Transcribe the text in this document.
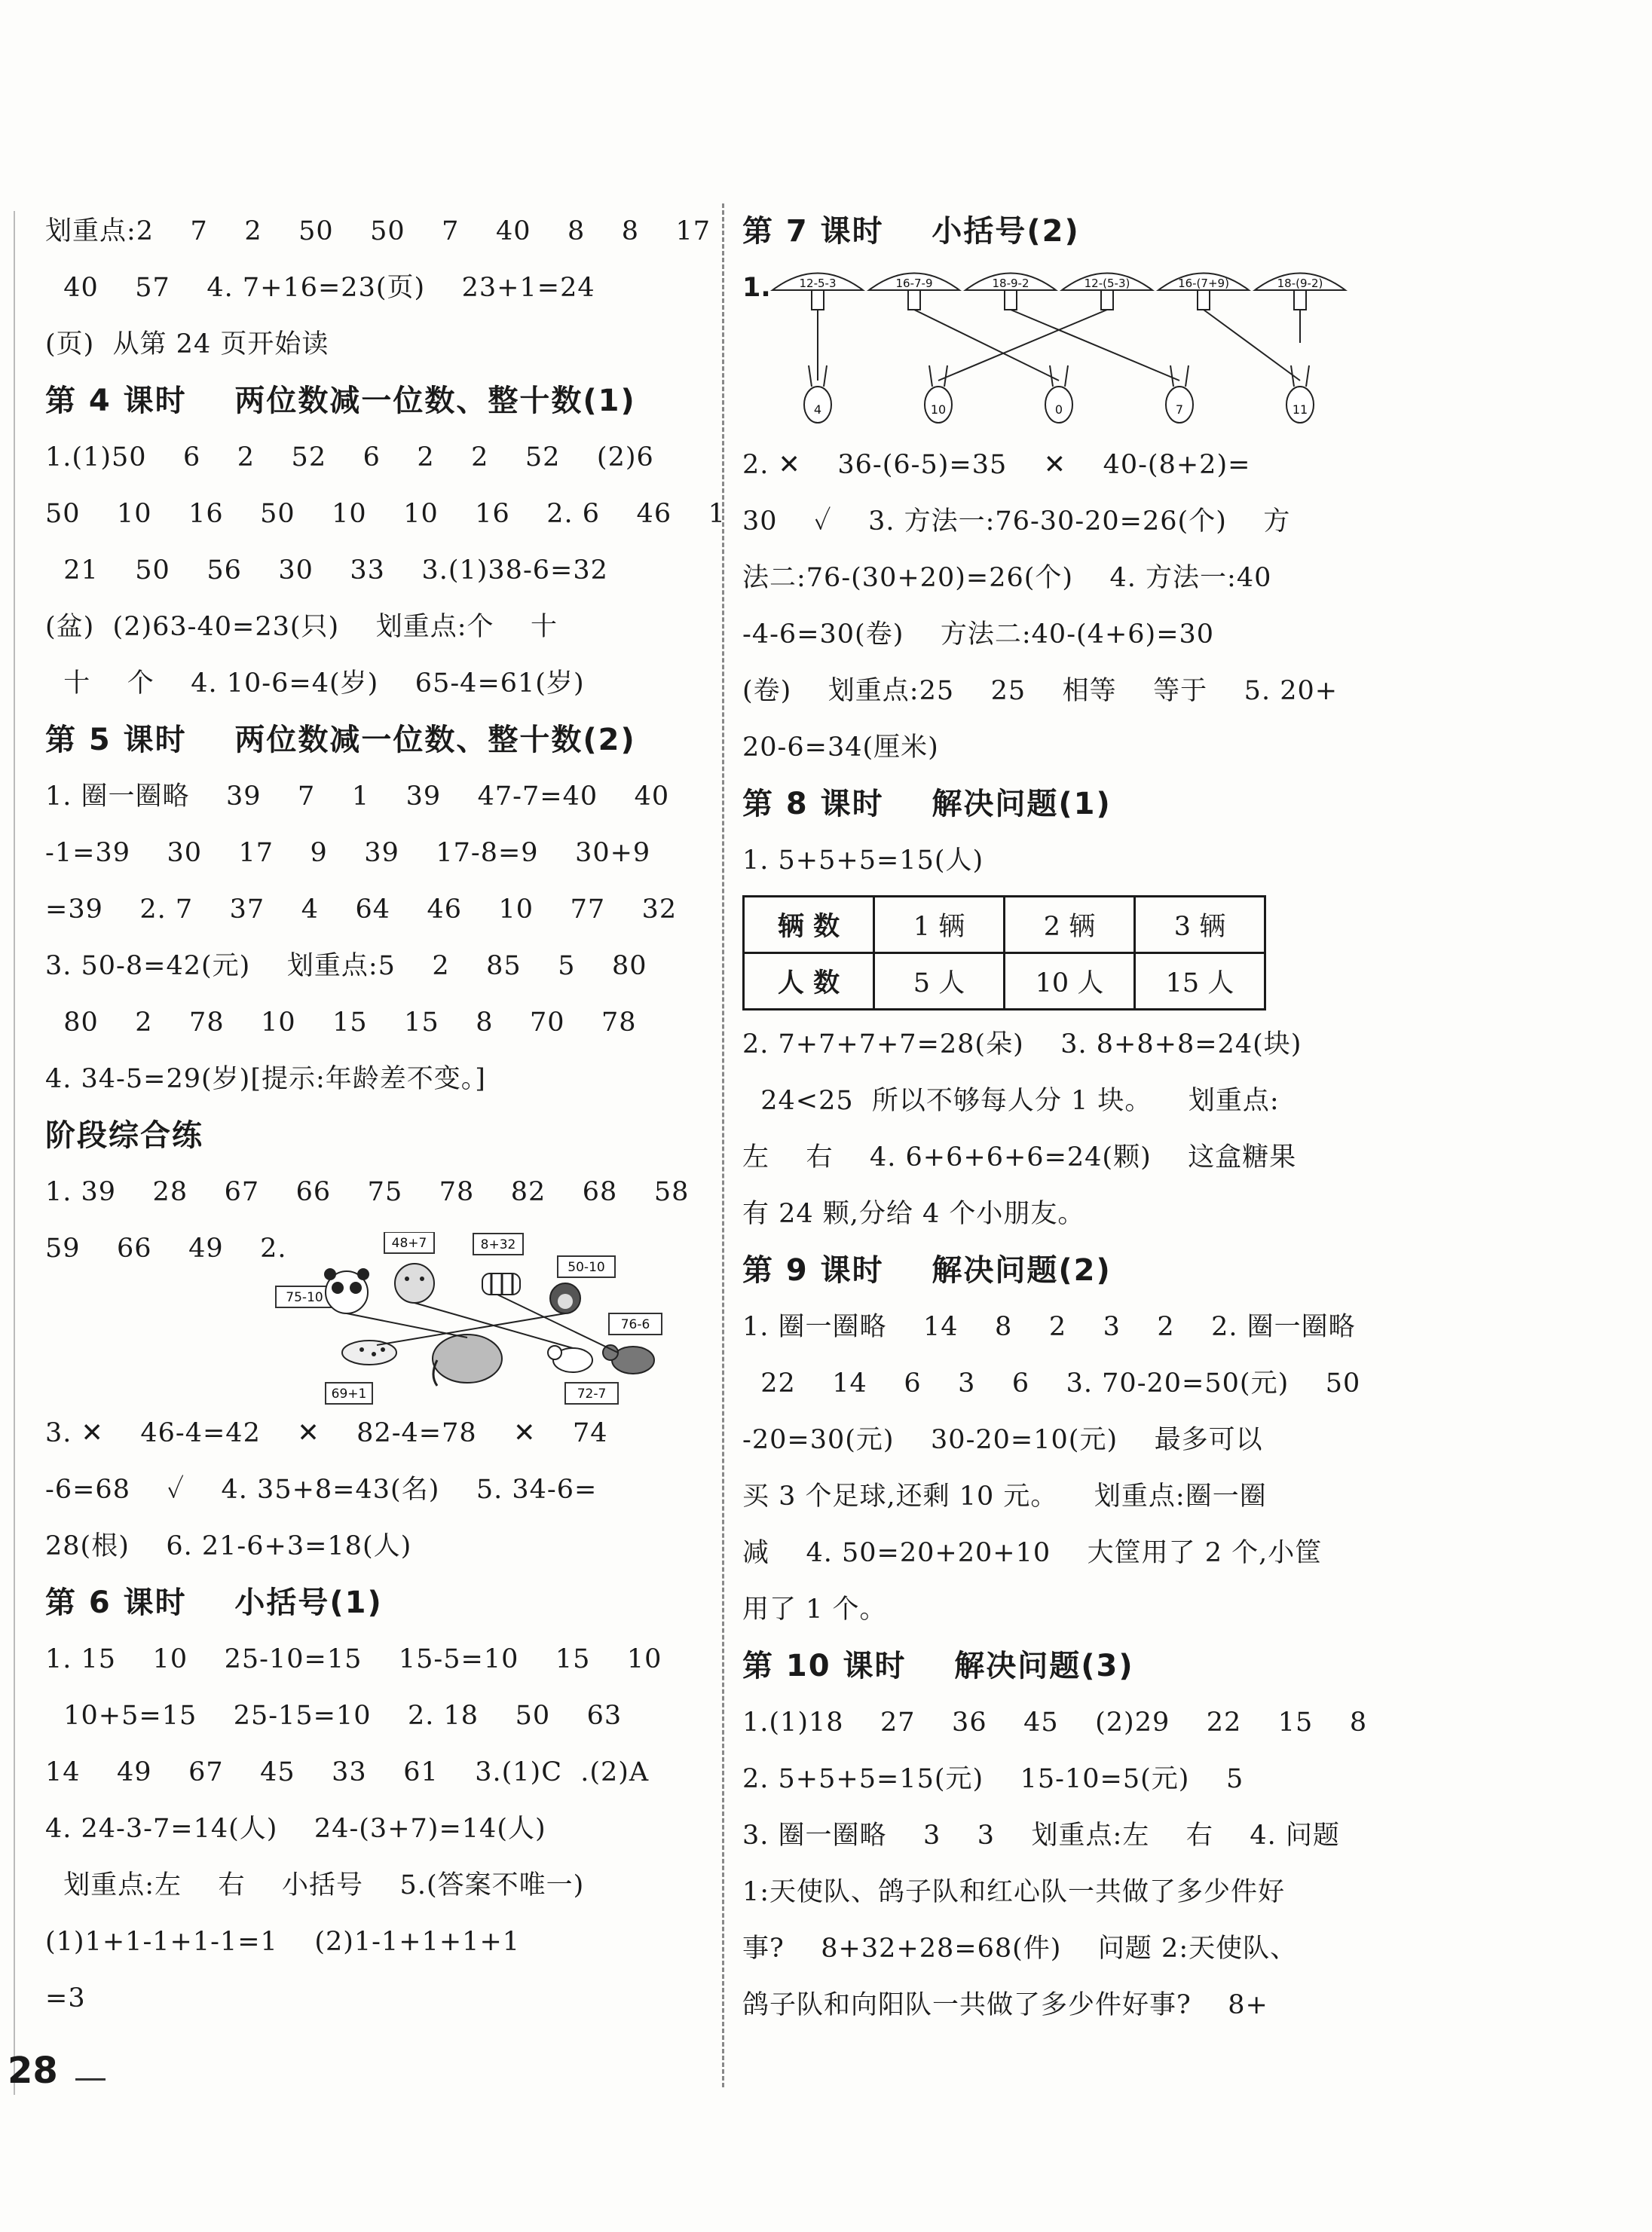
划重点:2    7    2    50    50    7    40    8    8    17
40    57    4. 7+16=23(页)    23+1=24
(页)  从第 24 页开始读
第 4 课时    两位数减一位数、整十数(1)
1.(1)50    6    2    52    6    2    2    52    (2)6
50    10    16    50    10    10    16    2. 6    46    1
21    50    56    30    33    3.(1)38-6=32
(盆)  (2)63-40=23(只)    划重点:个    十
十    个    4. 10-6=4(岁)    65-4=61(岁)
第 5 课时    两位数减一位数、整十数(2)
1. 圈一圈略    39    7    1    39    47-7=40    40
-1=39    30    17    9    39    17-8=9    30+9
=39    2. 7    37    4    64    46    10    77    32
3. 50-8=42(元)    划重点:5    2    85    5    80
80    2    78    10    15    15    8    70    78
4. 34-5=29(岁)[提示:年龄差不变。]
阶段综合练
1. 39    28    67    66    75    78    82    68    58
59    66    49    2.	48+7	8+32
50-10
75-10
76-6
69+1	72-7
3. ✕    46-4=42    ✕    82-4=78    ✕    74
-6=68    ✓    4. 35+8=43(名)    5. 34-6=
28(根)    6. 21-6+3=18(人)
第 6 课时    小括号(1)
1. 15    10    25-10=15    15-5=10    15    10
10+5=15    25-15=10    2. 18    50    63
14    49    67    45    33    61    3.(1)C  .(2)A
4. 24-3-7=14(人)    24-(3+7)=14(人)
划重点:左    右    小括号    5.(答案不唯一)
(1)1+1-1+1-1=1    (2)1-1+1+1+1
=3
第 7 课时    小括号(2)
1.	12-5-3	16-7-9	18-9-2	12-(5-3)	16-(7+9)	18-(9-2)
4	10	0	7	11
2. ✕    36-(6-5)=35    ✕    40-(8+2)=
30    ✓    3. 方法一:76-30-20=26(个)    方
法二:76-(30+20)=26(个)    4. 方法一:40
-4-6=30(卷)    方法二:40-(4+6)=30
(卷)    划重点:25    25    相等    等于    5. 20+
20-6=34(厘米)
第 8 课时    解决问题(1)
1. 5+5+5=15(人)
辆 数	1 辆	2 辆	3 辆
人 数	5 人	10 人	15 人
2. 7+7+7+7=28(朵)    3. 8+8+8=24(块)
24<25  所以不够每人分 1 块。    划重点:
左    右    4. 6+6+6+6=24(颗)    这盒糖果
有 24 颗,分给 4 个小朋友。
第 9 课时    解决问题(2)
1. 圈一圈略    14    8    2    3    2    2. 圈一圈略
22    14    6    3    6    3. 70-20=50(元)    50
-20=30(元)    30-20=10(元)    最多可以
买 3 个足球,还剩 10 元。    划重点:圈一圈
减    4. 50=20+20+10    大筐用了 2 个,小筐
用了 1 个。
第 10 课时    解决问题(3)
1.(1)18    27    36    45    (2)29    22    15    8
2. 5+5+5=15(元)    15-10=5(元)    5
3. 圈一圈略    3    3    划重点:左    右    4. 问题
1:天使队、鸽子队和红心队一共做了多少件好
事?    8+32+28=68(件)    问题 2:天使队、
鸽子队和向阳队一共做了多少件好事?    8+
28
